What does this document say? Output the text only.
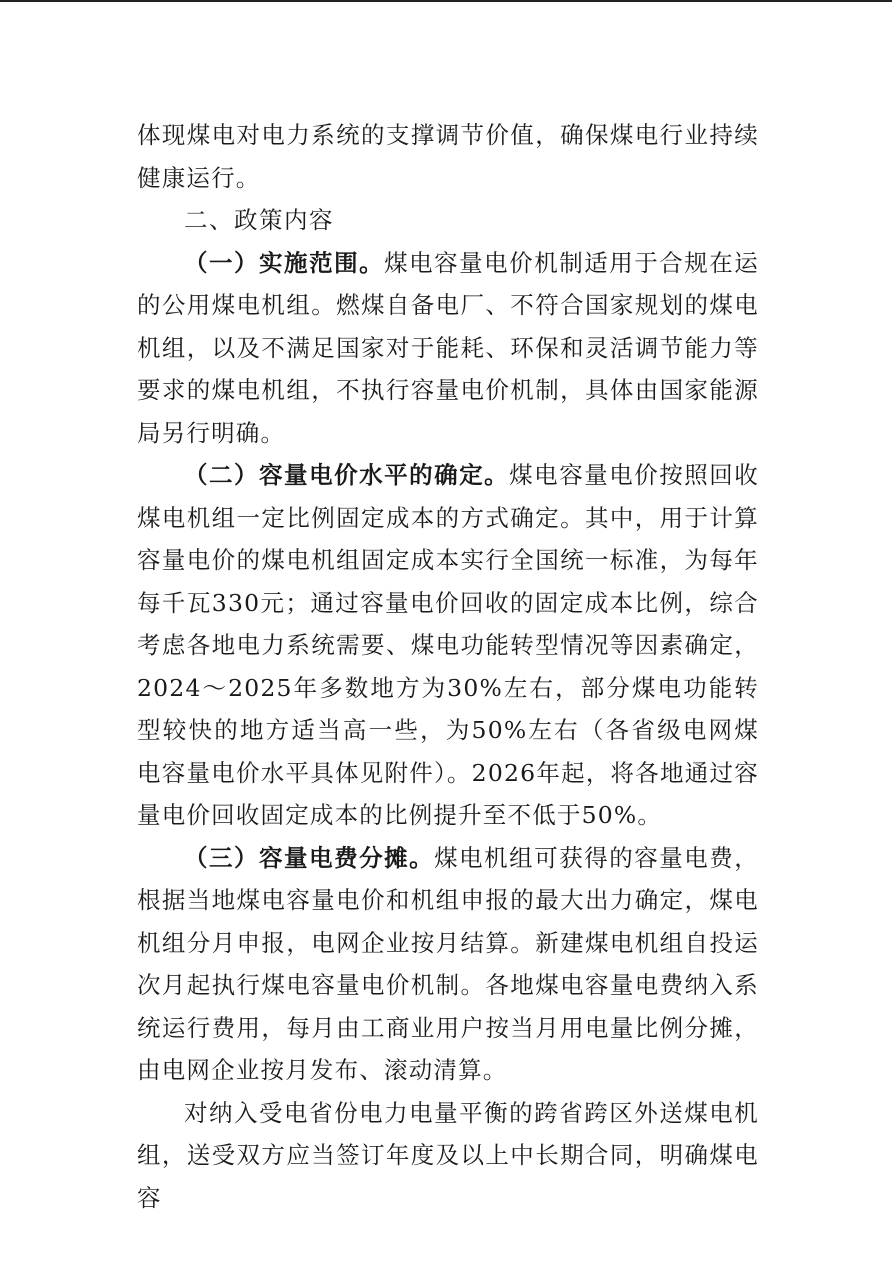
体现煤电对电力系统的支撑调节价值，确保煤电行业持续健康运行。

二、政策内容

（一）实施范围。煤电容量电价机制适用于合规在运的公用煤电机组。燃煤自备电厂、不符合国家规划的煤电机组，以及不满足国家对于能耗、环保和灵活调节能力等要求的煤电机组，不执行容量电价机制，具体由国家能源局另行明确。

（二）容量电价水平的确定。煤电容量电价按照回收煤电机组一定比例固定成本的方式确定。其中，用于计算容量电价的煤电机组固定成本实行全国统一标准，为每年每千瓦330元；通过容量电价回收的固定成本比例，综合考虑各地电力系统需要、煤电功能转型情况等因素确定，2024～2025年多数地方为30%左右，部分煤电功能转型较快的地方适当高一些，为50%左右（各省级电网煤电容量电价水平具体见附件）。2026年起，将各地通过容量电价回收固定成本的比例提升至不低于50%。

（三）容量电费分摊。煤电机组可获得的容量电费，根据当地煤电容量电价和机组申报的最大出力确定，煤电机组分月申报，电网企业按月结算。新建煤电机组自投运次月起执行煤电容量电价机制。各地煤电容量电费纳入系统运行费用，每月由工商业用户按当月用电量比例分摊，由电网企业按月发布、滚动清算。

对纳入受电省份电力电量平衡的跨省跨区外送煤电机组，送受双方应当签订年度及以上中长期合同，明确煤电容
